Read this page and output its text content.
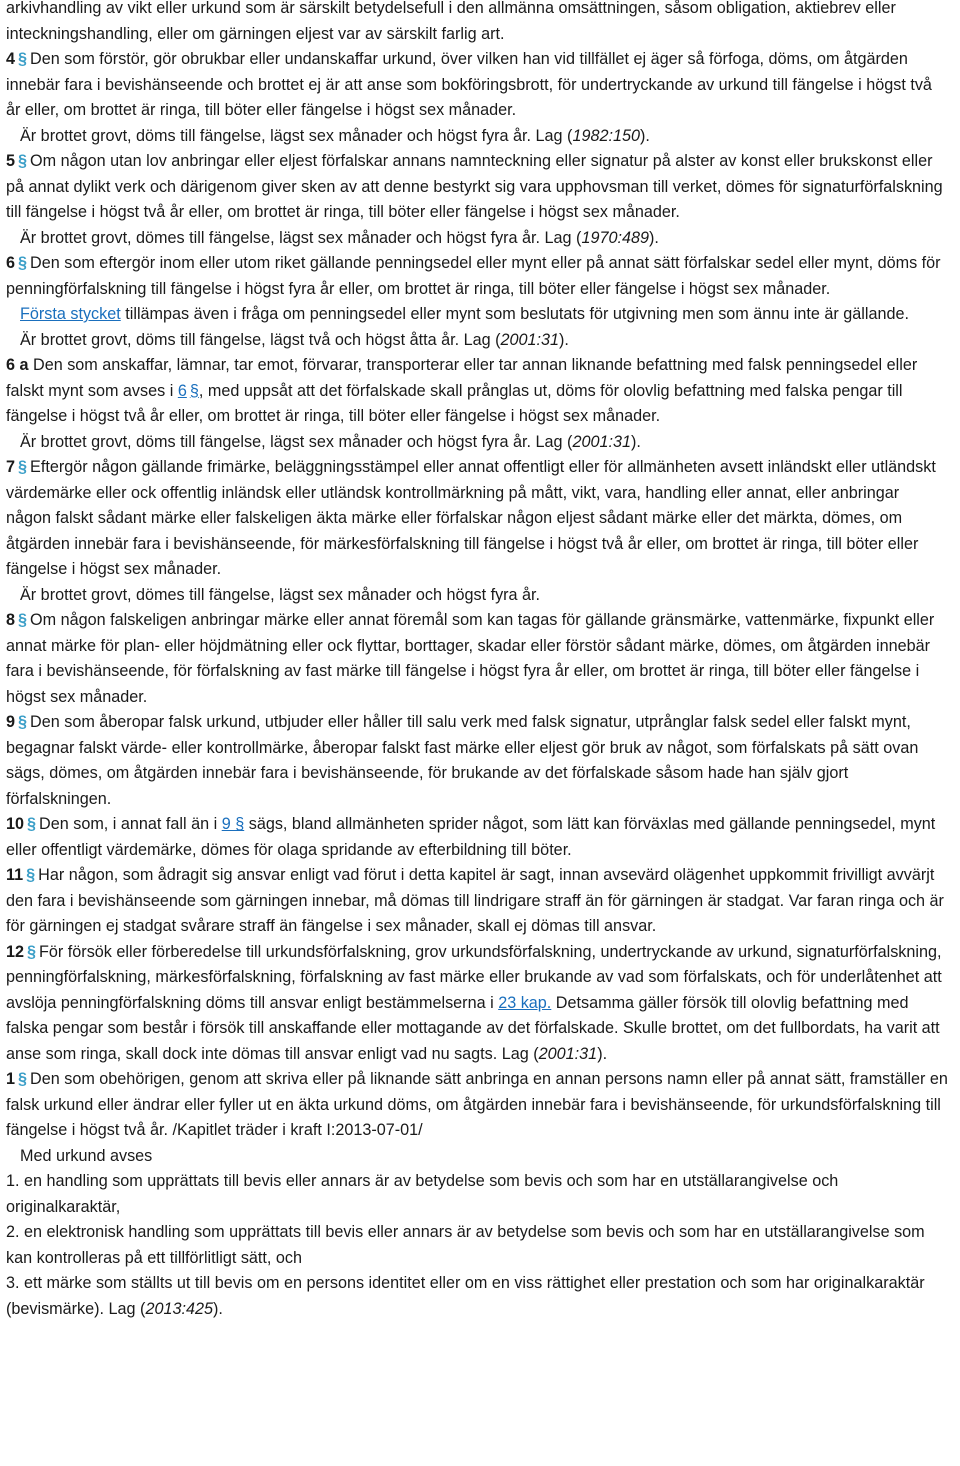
arkivhandling av vikt eller urkund som är särskilt betydelsefull i den allmänna omsättningen, såsom obligation, aktiebrev eller inteckningshandling, eller om gärningen eljest var av särskilt farlig art.

4 § Den som förstör, gör obrukbar eller undanskaffar urkund, över vilken han vid tillfället ej äger så förfoga, döms, om åtgärden innebär fara i bevishänseende och brottet ej är att anse som bokföringsbrott, för undertryckande av urkund till fängelse i högst två år eller, om brottet är ringa, till böter eller fängelse i högst sex månader.

Är brottet grovt, döms till fängelse, lägst sex månader och högst fyra år. Lag (1982:150).

5 § Om någon utan lov anbringar eller eljest förfalskar annans namnteckning eller signatur på alster av konst eller brukskonst eller på annat dylikt verk och därigenom giver sken av att denne bestyrkt sig vara upphovsman till verket, dömes för signaturförfalskning till fängelse i högst två år eller, om brottet är ringa, till böter eller fängelse i högst sex månader.

Är brottet grovt, dömes till fängelse, lägst sex månader och högst fyra år. Lag (1970:489).

6 § Den som eftergör inom eller utom riket gällande penningsedel eller mynt eller på annat sätt förfalskar sedel eller mynt, döms för penningförfalskning till fängelse i högst fyra år eller, om brottet är ringa, till böter eller fängelse i högst sex månader.

Första stycket tillämpas även i fråga om penningsedel eller mynt som beslutats för utgivning men som ännu inte är gällande.

Är brottet grovt, döms till fängelse, lägst två och högst åtta år. Lag (2001:31).

6 a Den som anskaffar, lämnar, tar emot, förvarar, transporterar eller tar annan liknande befattning med falsk penningsedel eller falskt mynt som avses i 6 §, med uppsåt att det förfalskade skall prånglas ut, döms för olovlig befattning med falska pengar till fängelse i högst två år eller, om brottet är ringa, till böter eller fängelse i högst sex månader.

Är brottet grovt, döms till fängelse, lägst sex månader och högst fyra år. Lag (2001:31).

7 § Eftergör någon gällande frimärke, beläggningsstämpel eller annat offentligt eller för allmänheten avsett inländskt eller utländskt värdemärke eller ock offentlig inländsk eller utländsk kontrollmärkning på mått, vikt, vara, handling eller annat, eller anbringar någon falskt sådant märke eller falskeligen äkta märke eller förfalskar någon eljest sådant märke eller det märkta, dömes, om åtgärden innebär fara i bevishänseende, för märkesförfalskning till fängelse i högst två år eller, om brottet är ringa, till böter eller fängelse i högst sex månader.

Är brottet grovt, dömes till fängelse, lägst sex månader och högst fyra år.

8 § Om någon falskeligen anbringar märke eller annat föremål som kan tagas för gällande gränsmärke, vattenmärke, fixpunkt eller annat märke för plan- eller höjdmätning eller ock flyttar, borttager, skadar eller förstör sådant märke, dömes, om åtgärden innebär fara i bevishänseende, för förfalskning av fast märke till fängelse i högst fyra år eller, om brottet är ringa, till böter eller fängelse i högst sex månader.

9 § Den som åberopar falsk urkund, utbjuder eller håller till salu verk med falsk signatur, utprånglar falsk sedel eller falskt mynt, begagnar falskt värde- eller kontrollmärke, åberopar falskt fast märke eller eljest gör bruk av något, som förfalskats på sätt ovan sägs, dömes, om åtgärden innebär fara i bevishänseende, för brukande av det förfalskade såsom hade han själv gjort förfalskningen.

10 § Den som, i annat fall än i 9 § sägs, bland allmänheten sprider något, som lätt kan förväxlas med gällande penningsedel, mynt eller offentligt värdemärke, dömes för olaga spridande av efterbildning till böter.

11 § Har någon, som ådragit sig ansvar enligt vad förut i detta kapitel är sagt, innan avsevärd olägenhet uppkommit frivilligt avvärjt den fara i bevishänseende som gärningen innebar, må dömas till lindrigare straff än för gärningen är stadgat. Var faran ringa och är för gärningen ej stadgat svårare straff än fängelse i sex månader, skall ej dömas till ansvar.

12 § För försök eller förberedelse till urkundsförfalskning, grov urkundsförfalskning, undertryckande av urkund, signaturförfalskning, penningförfalskning, märkesförfalskning, förfalskning av fast märke eller brukande av vad som förfalskats, och för underlåtenhet att avslöja penningförfalskning döms till ansvar enligt bestämmelserna i 23 kap. Detsamma gäller försök till olovlig befattning med falska pengar som består i försök till anskaffande eller mottagande av det förfalskade. Skulle brottet, om det fullbordats, ha varit att anse som ringa, skall dock inte dömas till ansvar enligt vad nu sagts. Lag (2001:31).

1 § Den som obehörigen, genom att skriva eller på liknande sätt anbringa en annan persons namn eller på annat sätt, framställer en falsk urkund eller ändrar eller fyller ut en äkta urkund döms, om åtgärden innebär fara i bevishänseende, för urkundsförfalskning till fängelse i högst två år. /Kapitlet träder i kraft I:2013-07-01/

Med urkund avses

1. en handling som upprättats till bevis eller annars är av betydelse som bevis och som har en utställarangivelse och originalkaraktär,

2. en elektronisk handling som upprättats till bevis eller annars är av betydelse som bevis och som har en utställarangivelse som kan kontrolleras på ett tillförlitligt sätt, och

3. ett märke som ställts ut till bevis om en persons identitet eller om en viss rättighet eller prestation och som har originalkaraktär (bevismärke). Lag (2013:425).
